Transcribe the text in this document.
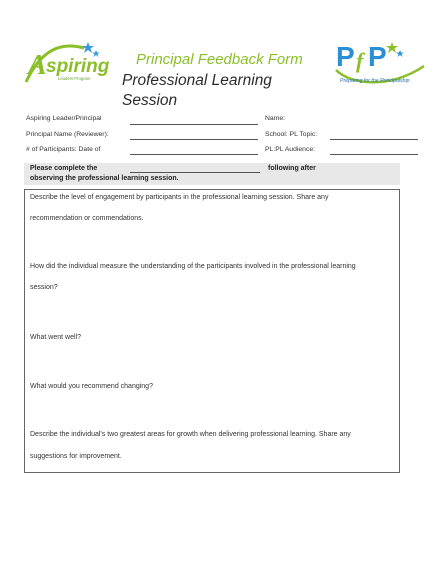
A spiring
Leaders Program
Principal Feedback Form
Professional Learning
Session
P f P
Preparing for the Principalship
Aspiring Leader/Principal	Name:
Principal Name (Reviewer):	School: PL Topic:
# of Participants: Date of	PL:PL Audience:
Please complete the	following after
observing the professional learning session.
Describe the level of engagement by participants in the professional learning session. Share any
recommendation or commendations.
How did the individual measure the understanding of the participants involved in the professional learning
session?
What went well?
What would you recommend changing?
Describe the individual's two greatest areas for growth when delivering professional learning. Share any
suggestions for improvement.
